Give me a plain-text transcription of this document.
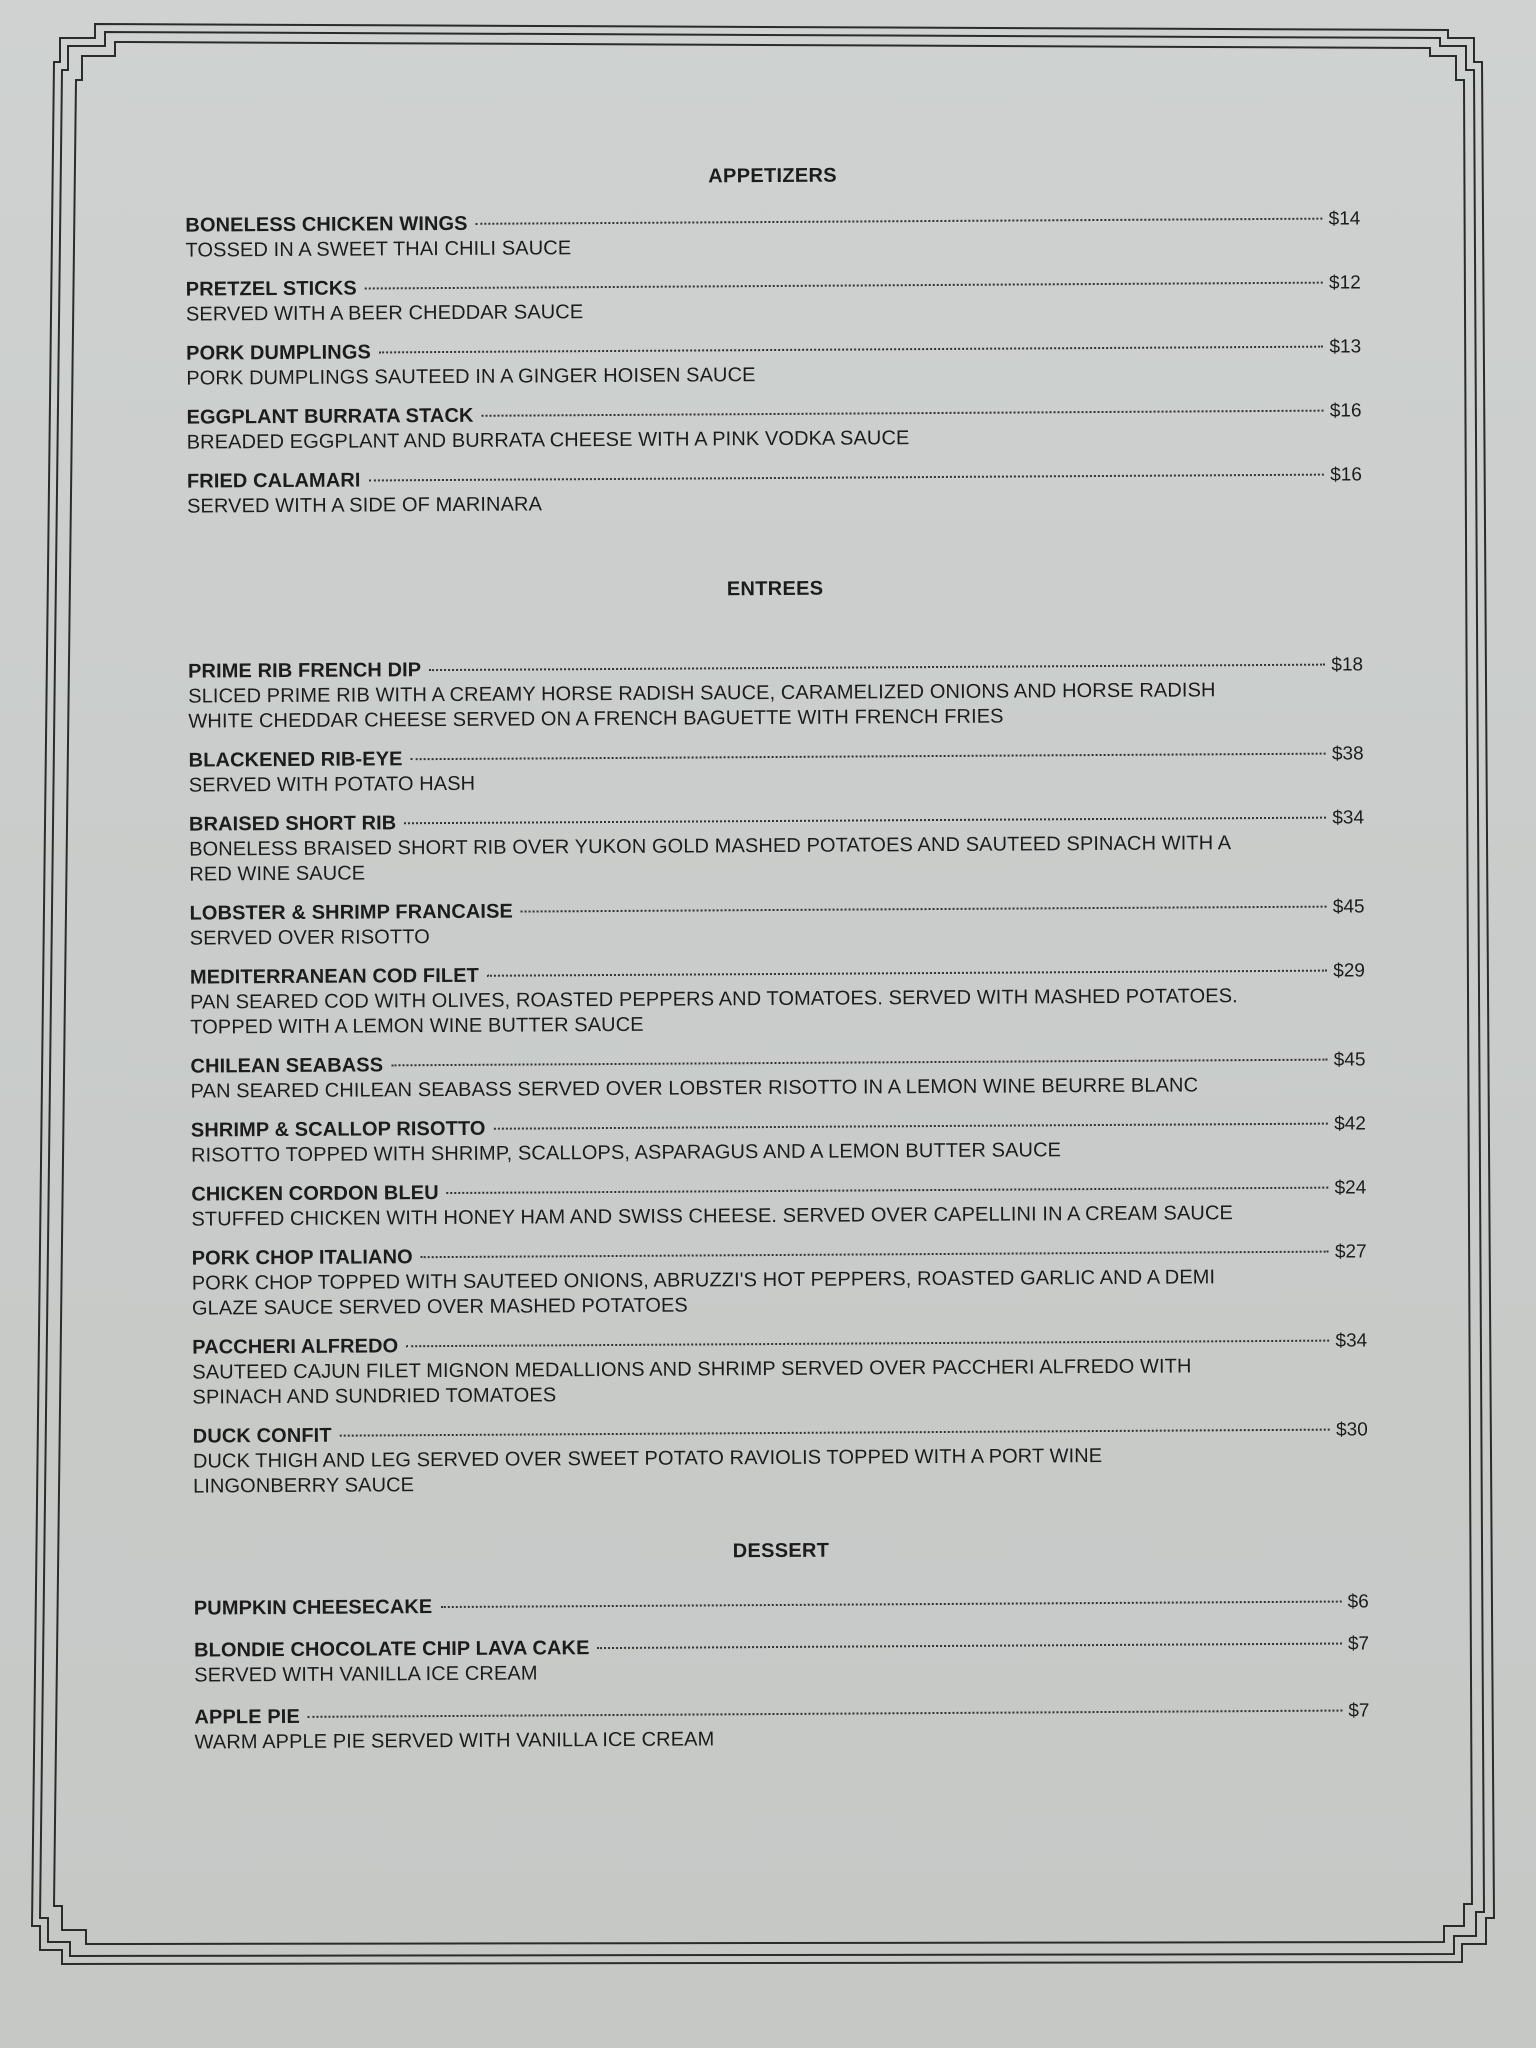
APPETIZERS
BONELESS CHICKEN WINGS	$14
TOSSED IN A SWEET THAI CHILI SAUCE
PRETZEL STICKS	$12
SERVED WITH A BEER CHEDDAR SAUCE
PORK DUMPLINGS	$13
PORK DUMPLINGS SAUTEED IN A GINGER HOISEN SAUCE
EGGPLANT BURRATA STACK	$16
BREADED EGGPLANT AND BURRATA CHEESE WITH A PINK VODKA SAUCE
FRIED CALAMARI	$16
SERVED WITH A SIDE OF MARINARA
ENTREES
PRIME RIB FRENCH DIP	$18
SLICED PRIME RIB WITH A CREAMY HORSE RADISH SAUCE, CARAMELIZED ONIONS AND HORSE RADISH WHITE CHEDDAR CHEESE SERVED ON A FRENCH BAGUETTE WITH FRENCH FRIES
BLACKENED RIB-EYE	$38
SERVED WITH POTATO HASH
BRAISED SHORT RIB	$34
BONELESS BRAISED SHORT RIB OVER YUKON GOLD MASHED POTATOES AND SAUTEED SPINACH WITH A RED WINE SAUCE
LOBSTER & SHRIMP FRANCAISE	$45
SERVED OVER RISOTTO
MEDITERRANEAN COD FILET	$29
PAN SEARED COD WITH OLIVES, ROASTED PEPPERS AND TOMATOES. SERVED WITH MASHED POTATOES. TOPPED WITH A LEMON WINE BUTTER SAUCE
CHILEAN SEABASS	$45
PAN SEARED CHILEAN SEABASS SERVED OVER LOBSTER RISOTTO IN A LEMON WINE BEURRE BLANC
SHRIMP & SCALLOP RISOTTO	$42
RISOTTO TOPPED WITH SHRIMP, SCALLOPS, ASPARAGUS AND A LEMON BUTTER SAUCE
CHICKEN CORDON BLEU	$24
STUFFED CHICKEN WITH HONEY HAM AND SWISS CHEESE. SERVED OVER CAPELLINI IN A CREAM SAUCE
PORK CHOP ITALIANO	$27
PORK CHOP TOPPED WITH SAUTEED ONIONS, ABRUZZI'S HOT PEPPERS, ROASTED GARLIC AND A DEMI GLAZE SAUCE SERVED OVER MASHED POTATOES
PACCHERI ALFREDO	$34
SAUTEED CAJUN FILET MIGNON MEDALLIONS AND SHRIMP SERVED OVER PACCHERI ALFREDO WITH SPINACH AND SUNDRIED TOMATOES
DUCK CONFIT	$30
DUCK THIGH AND LEG SERVED OVER SWEET POTATO RAVIOLIS TOPPED WITH A PORT WINE LINGONBERRY SAUCE
DESSERT
PUMPKIN CHEESECAKE	$6
BLONDIE CHOCOLATE CHIP LAVA CAKE	$7
SERVED WITH VANILLA ICE CREAM
APPLE PIE	$7
WARM APPLE PIE SERVED WITH VANILLA ICE CREAM
